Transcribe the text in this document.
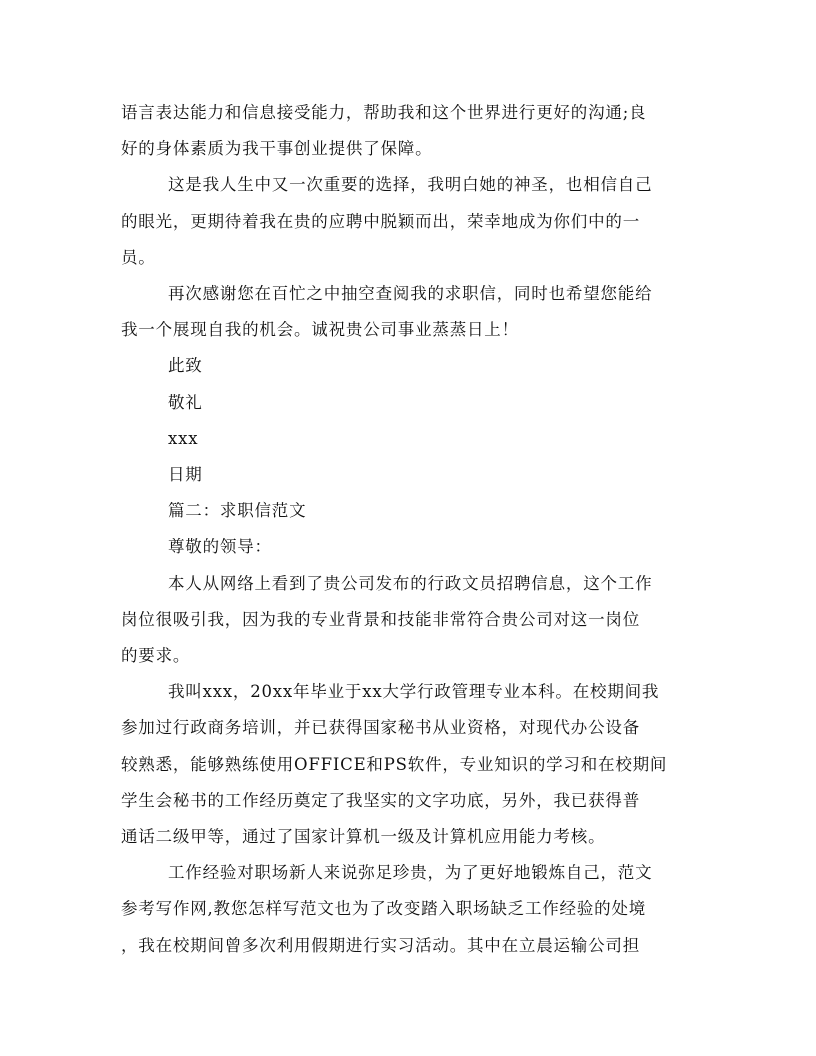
语言表达能力和信息接受能力，帮助我和这个世界进行更好的沟通;良
好的身体素质为我干事创业提供了保障。
这是我人生中又一次重要的选择，我明白她的神圣，也相信自己
的眼光，更期待着我在贵的应聘中脱颖而出，荣幸地成为你们中的一
员。
再次感谢您在百忙之中抽空查阅我的求职信，同时也希望您能给
我一个展现自我的机会。诚祝贵公司事业蒸蒸日上！
此致
敬礼
xxx
日期
篇二：求职信范文
尊敬的领导：
本人从网络上看到了贵公司发布的行政文员招聘信息，这个工作
岗位很吸引我，因为我的专业背景和技能非常符合贵公司对这一岗位
的要求。
我叫xxx，20xx年毕业于xx大学行政管理专业本科。在校期间我
参加过行政商务培训，并已获得国家秘书从业资格，对现代办公设备
较熟悉，能够熟练使用OFFICE和PS软件，专业知识的学习和在校期间
学生会秘书的工作经历奠定了我坚实的文字功底，另外，我已获得普
通话二级甲等，通过了国家计算机一级及计算机应用能力考核。
工作经验对职场新人来说弥足珍贵，为了更好地锻炼自己，范文
参考写作网,教您怎样写范文也为了改变踏入职场缺乏工作经验的处境
，我在校期间曾多次利用假期进行实习活动。其中在立晨运输公司担
